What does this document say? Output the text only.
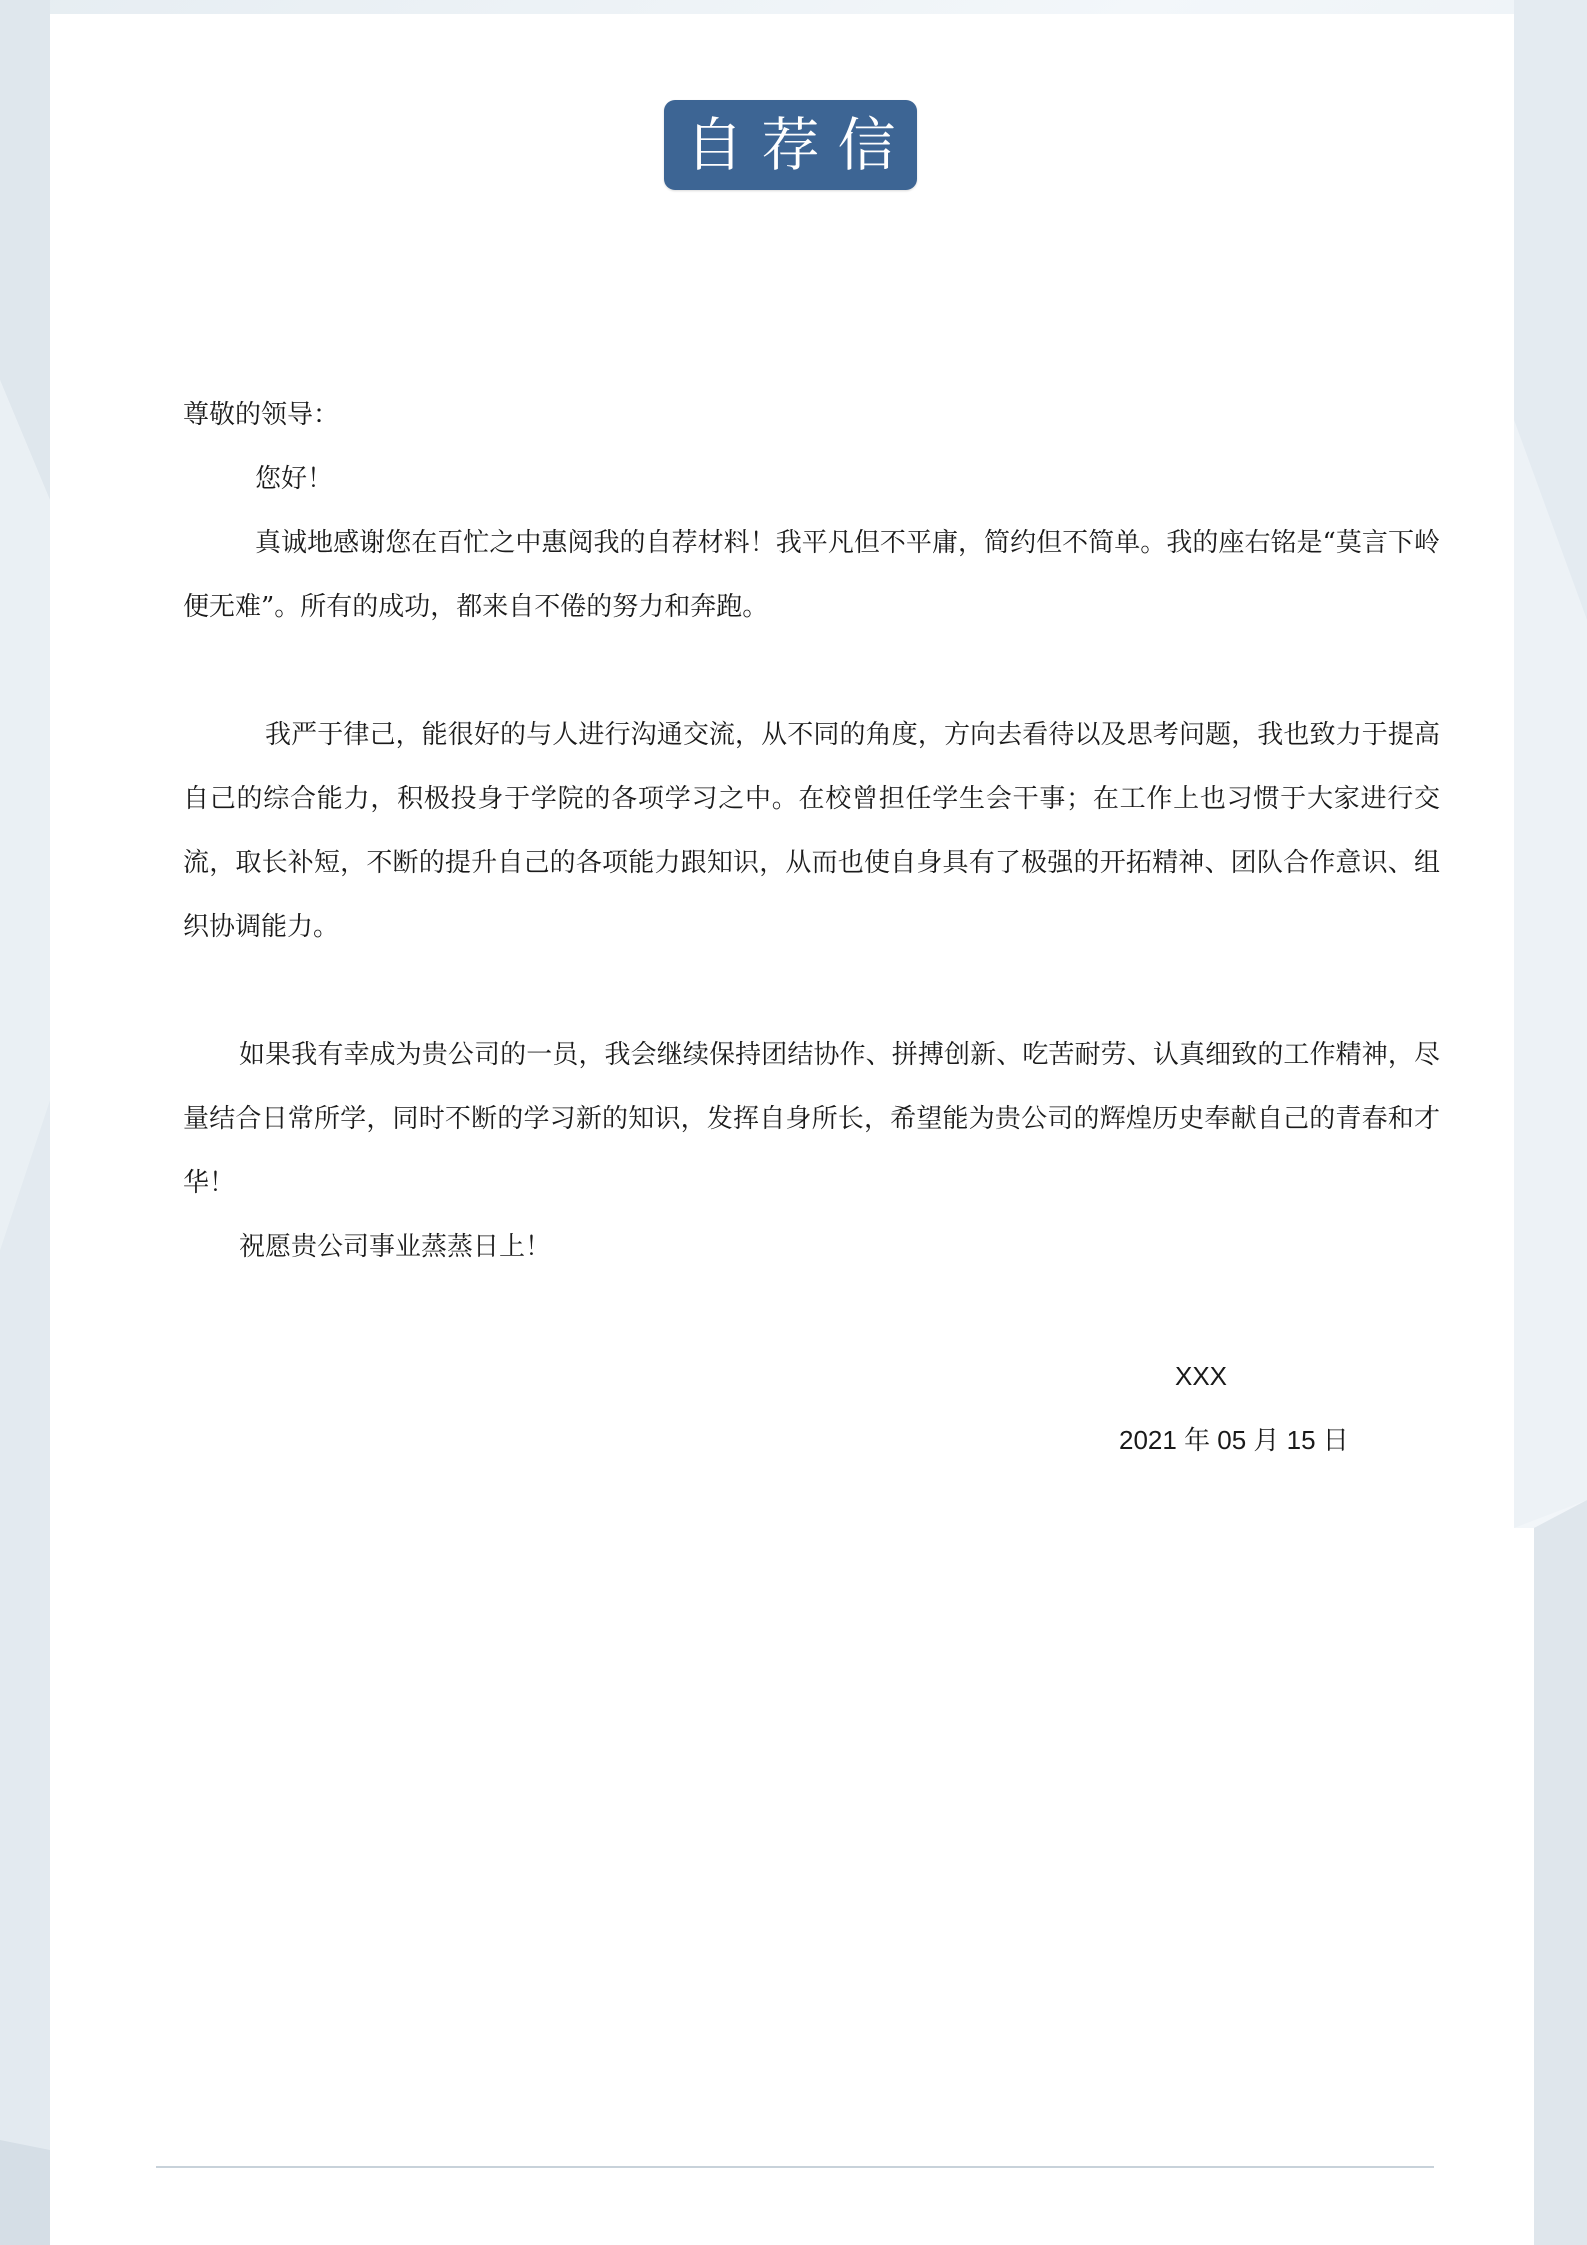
自荐信

尊敬的领导：

您好！

真诚地感谢您在百忙之中惠阅我的自荐材料！我平凡但不平庸，简约但不简单。我的座右铭是“莫言下岭便无难”。所有的成功，都来自不倦的努力和奔跑。

我严于律己，能很好的与人进行沟通交流，从不同的角度，方向去看待以及思考问题，我也致力于提高自己的综合能力，积极投身于学院的各项学习之中。在校曾担任学生会干事；在工作上也习惯于大家进行交流，取长补短，不断的提升自己的各项能力跟知识，从而也使自身具有了极强的开拓精神、团队合作意识、组织协调能力。

如果我有幸成为贵公司的一员，我会继续保持团结协作、拼搏创新、吃苦耐劳、认真细致的工作精神，尽量结合日常所学，同时不断的学习新的知识，发挥自身所长，希望能为贵公司的辉煌历史奉献自己的青春和才华！

祝愿贵公司事业蒸蒸日上！

XXX
2021 年 05 月 15 日
